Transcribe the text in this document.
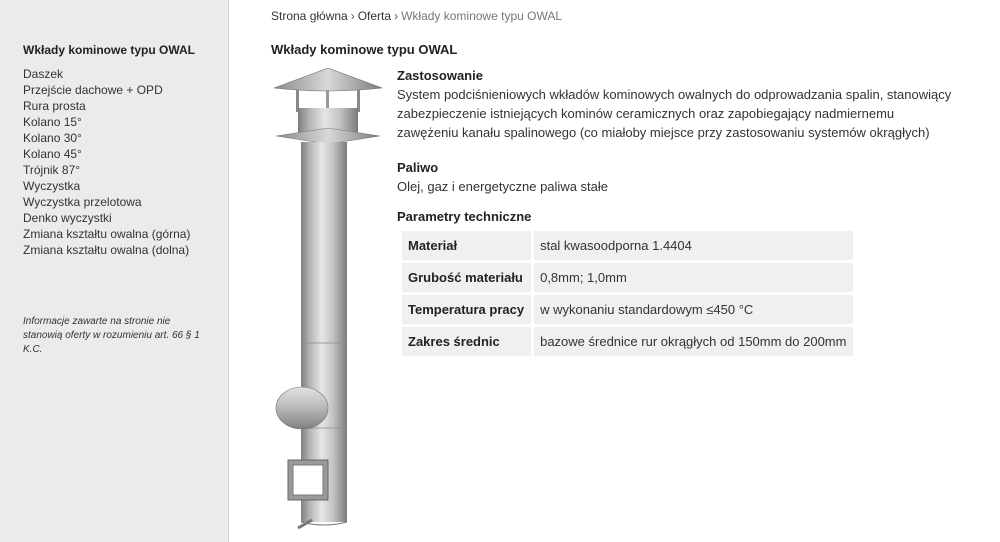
Wkłady kominowe typu OWAL
Daszek
Przejście dachowe + OPD
Rura prosta
Kolano 15°
Kolano 30°
Kolano 45°
Trójnik 87°
Wyczystka
Wyczystka przelotowa
Denko wyczystki
Zmiana kształtu owalna (górna)
Zmiana kształtu owalna (dolna)

Informacje zawarte na stronie nie stanowią oferty w rozumieniu art. 66 § 1 K.C.

Strona główna › Oferta › Wkłady kominowe typu OWAL
Wkłady kominowe typu OWAL
Zastosowanie

System podciśnieniowych wkładów kominowych owalnych do odprowadzania spalin, stanowiący zabezpieczenie istniejących kominów ceramicznych oraz zapobiegający nadmiernemu zawężeniu kanału spalinowego (co miałoby miejsce przy zastosowaniu systemów okrągłych)

Paliwo

Olej, gaz i energetyczne paliwa stałe

Parametry techniczne
Materiał	stal kwasoodporna 1.4404
Grubość materiału	0,8mm; 1,0mm
Temperatura pracy	w wykonaniu standardowym ≤450 °C
Zakres średnic	bazowe średnice rur okrągłych od 150mm do 200mm
